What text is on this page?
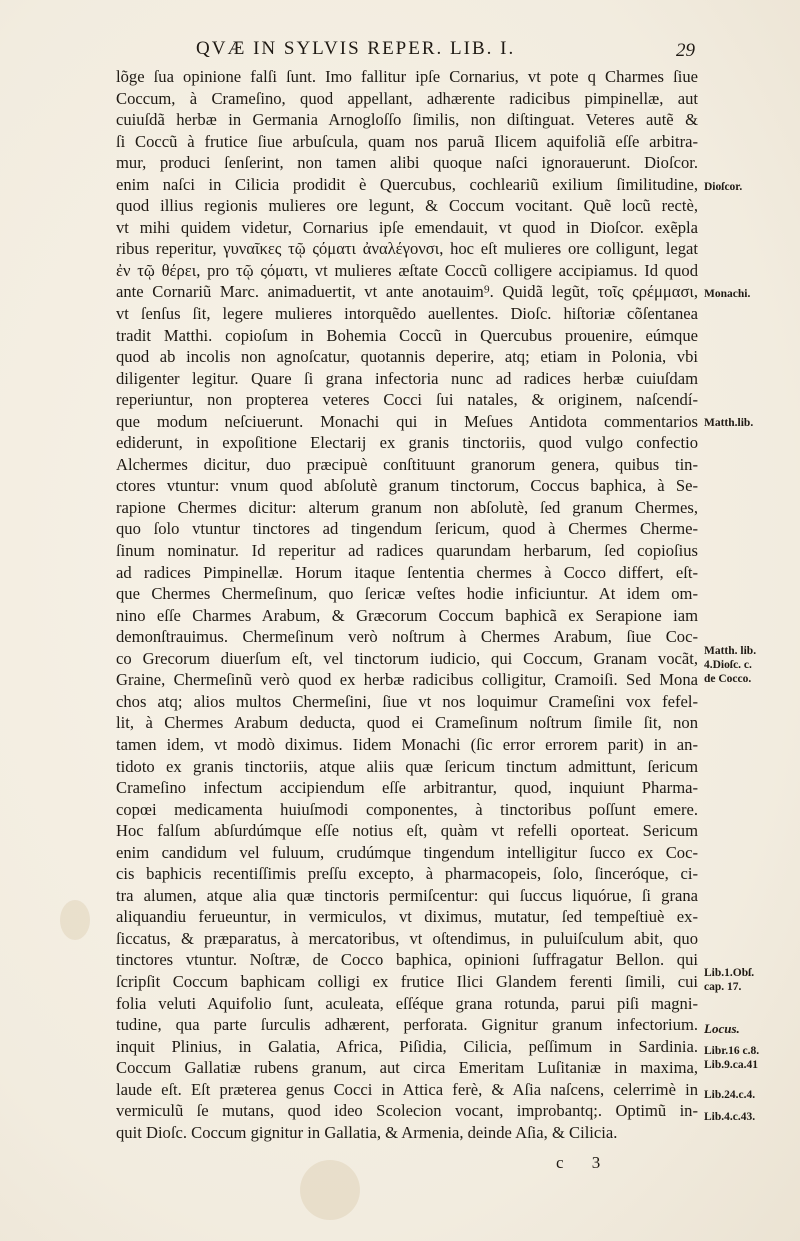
QVÆ IN SYLVIS REPER. LIB. I.	29
lõge ſua opinione falſi ſunt. Imo fallitur ipſe Cornarius, vt pote q Charmes ſiue
Coccum, à Crameſino, quod appellant, adhærente radicibus pimpinellæ, aut
cuiuſdã herbæ in Germania Arnogloſſo ſimilis, non diſtinguat. Veteres autẽ &
ſi Coccũ à frutice ſiue arbuſcula, quam nos paruã Ilicem aquifoliã eſſe arbitra-
mur, produci ſenſerint, non tamen alibi quoque naſci ignorauerunt. Dioſcor.
enim naſci in Cilicia prodidit è Quercubus, cochleariũ exilium ſimilitudine,
quod illius regionis mulieres ore legunt, & Coccum vocitant. Quẽ locũ rectè,
vt mihi quidem videtur, Cornarius ipſe emendauit, vt quod in Dioſcor. exẽpla
ribus reperitur, γυναῖκες τῷ ςόματι ἀναλέγονσι, hoc eſt mulieres ore colligunt, legat
ἐν τῷ θέρει, pro τῷ ςόματι, vt mulieres æſtate Coccũ colligere accipiamus. Id quod
ante Cornariũ Marc. animaduertit, vt ante anotauim⁹. Quidã legũt, τοῖς ςρέμμασι,
vt ſenſus ſit, legere mulieres intorquẽdo auellentes. Dioſc. hiſtoriæ cõſentanea
tradit Matthi. copioſum in Bohemia Coccũ in Quercubus prouenire, eúmque
quod ab incolis non agnoſcatur, quotannis deperire, atq; etiam in Polonia, vbi
diligenter legitur. Quare ſi grana infectoria nunc ad radices herbæ cuiuſdam
reperiuntur, non propterea veteres Cocci ſui natales, & originem, naſcendí-
que modum neſciuerunt. Monachi qui in Meſues Antidota commentarios
ediderunt, in expoſitione Electarij ex granis tinctoriis, quod vulgo confectio
Alchermes dicitur, duo præcipuè conſtituunt granorum genera, quibus tin-
ctores vtuntur: vnum quod abſolutè granum tinctorum, Coccus baphica, à Se-
rapione Chermes dicitur: alterum granum non abſolutè, ſed granum Chermes,
quo ſolo vtuntur tinctores ad tingendum ſericum, quod à Chermes Cherme-
ſinum nominatur. Id reperitur ad radices quarundam herbarum, ſed copioſius
ad radices Pimpinellæ. Horum itaque ſententia chermes à Cocco differt, eſt-
que Chermes Chermeſinum, quo ſericæ veſtes hodie inficiuntur. At idem om-
nino eſſe Charmes Arabum, & Græcorum Coccum baphicã ex Serapione iam
demonſtrauimus. Chermeſinum verò noſtrum à Chermes Arabum, ſiue Coc-
co Grecorum diuerſum eſt, vel tinctorum iudicio, qui Coccum, Granam vocãt,
Graine, Chermeſinũ verò quod ex herbæ radicibus colligitur, Cramoiſi. Sed Mona
chos atq; alios multos Chermeſini, ſiue vt nos loquimur Crameſini vox fefel-
lit, à Chermes Arabum deducta, quod ei Crameſinum noſtrum ſimile ſit, non
tamen idem, vt modò diximus. Iidem Monachi (ſic error errorem parit) in an-
tidoto ex granis tinctoriis, atque aliis quæ ſericum tinctum admittunt, ſericum
Crameſino infectum accipiendum eſſe arbitrantur, quod, inquiunt Pharma-
copœi medicamenta huiuſmodi componentes, à tinctoribus poſſunt emere.
Hoc falſum abſurdúmque eſſe notius eſt, quàm vt refelli oporteat. Sericum
enim candidum vel fuluum, crudúmque tingendum intelligitur ſucco ex Coc-
cis baphicis recentiſſimis preſſu excepto, à pharmacopeis, ſolo, ſinceróque, ci-
tra alumen, atque alia quæ tinctoris permiſcentur: qui ſuccus liquórue, ſi grana
aliquandiu ferueuntur, in vermiculos, vt diximus, mutatur, ſed tempeſtiuè ex-
ſiccatus, & præparatus, à mercatoribus, vt oſtendimus, in puluiſculum abit, quo
tinctores vtuntur. Noſtræ, de Cocco baphica, opinioni ſuffragatur Bellon. qui
ſcripſit Coccum baphicam colligi ex frutice Ilici Glandem ferenti ſimili, cui
folia veluti Aquifolio ſunt, aculeata, eſſéque grana rotunda, parui piſi magni-
tudine, qua parte ſurculis adhærent, perforata. Gignitur granum infectorium.
inquit Plinius, in Galatia, Africa, Piſidia, Cilicia, peſſimum in Sardinia.
Coccum Gallatiæ rubens granum, aut circa Emeritam Luſitaniæ in maxima,
laude eſt. Eſt præterea genus Cocci in Attica ferè, & Aſia naſcens, celerrimè in
vermiculũ ſe mutans, quod ideo Scolecion vocant, improbantq;. Optimũ in-
quit Dioſc. Coccum gignitur in Gallatia, & Armenia, deinde Aſia, & Cilicia.
Dioſcor.
Monachi.
Matth.lib.
Matth. lib.
4.Dioſc. c.
de Cocco.
Lib.1.Obſ.
cap. 17.
Locus.
Libr.16 c.8.
Lib.9.ca.41
Lib.24.c.4.
Lib.4.c.43.
c 3
